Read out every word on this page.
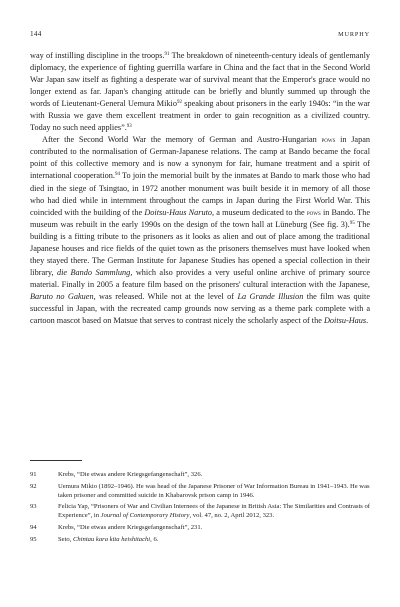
144	MURPHY

way of instilling discipline in the troops.$^{91}$ The breakdown of nineteenth-century ideals of gentlemanly diplomacy, the experience of fighting guerrilla warfare in China and the fact that in the Second World War Japan saw itself as fighting a desperate war of survival meant that the Emperor's grace would no longer extend as far. Japan's changing attitude can be briefly and bluntly summed up through the words of Lieutenant-General Uemura Mikio$^{92}$ speaking about prisoners in the early 1940s: “in the war with Russia we gave them excellent treatment in order to gain recognition as a civilized country. Today no such need applies”.$^{93}$

After the Second World War the memory of German and Austro-Hungarian pows in Japan contributed to the normalisation of German-Japanese relations. The camp at Bando became the focal point of this collective memory and is now a synonym for fair, humane treatment and a spirit of international cooperation.$^{94}$ To join the memorial built by the inmates at Bando to mark those who had died in the siege of Tsingtao, in 1972 another monument was built beside it in memory of all those who had died while in internment throughout the camps in Japan during the First World War. This coincided with the building of the Doitsu-Haus Naruto, a museum dedicated to the pows in Bando. The museum was rebuilt in the early 1990s on the design of the town hall at Lüneburg (See fig. 3).$^{95}$ The building is a fitting tribute to the prisoners as it looks as alien and out of place among the traditional Japanese houses and rice fields of the quiet town as the prisoners themselves must have looked when they stayed there. The German Institute for Japanese Studies has opened a special collection in their library, die Bando Sammlung, which also provides a very useful online archive of primary source material. Finally in 2005 a feature film based on the prisoners' cultural interaction with the Japanese, Baruto no Gakuen, was released. While not at the level of La Grande Illusion the film was quite successful in Japan, with the recreated camp grounds now serving as a theme park complete with a cartoon mascot based on Matsue that serves to contrast nicely the scholarly aspect of the Doitsu-Haus.

91	Krebs, “Die etwas andere Kriegsgefangenschaft”, 326.
92	Uemura Mikio (1892–1946). He was head of the Japanese Prisoner of War Information Bureau in 1941–1943. He was taken prisoner and committed suicide in Khabarovsk prison camp in 1946.
93	Felicia Yap, “Prisoners of War and Civilian Internees of the Japanese in British Asia: The Similarities and Contrasts of Experience”, in Journal of Contemporary History, vol. 47, no. 2, April 2012, 323.
94	Krebs, “Die etwas andere Kriegsgefangenschaft”, 231.
95	Seto, Chintau kara kita heishitachi, 6.
